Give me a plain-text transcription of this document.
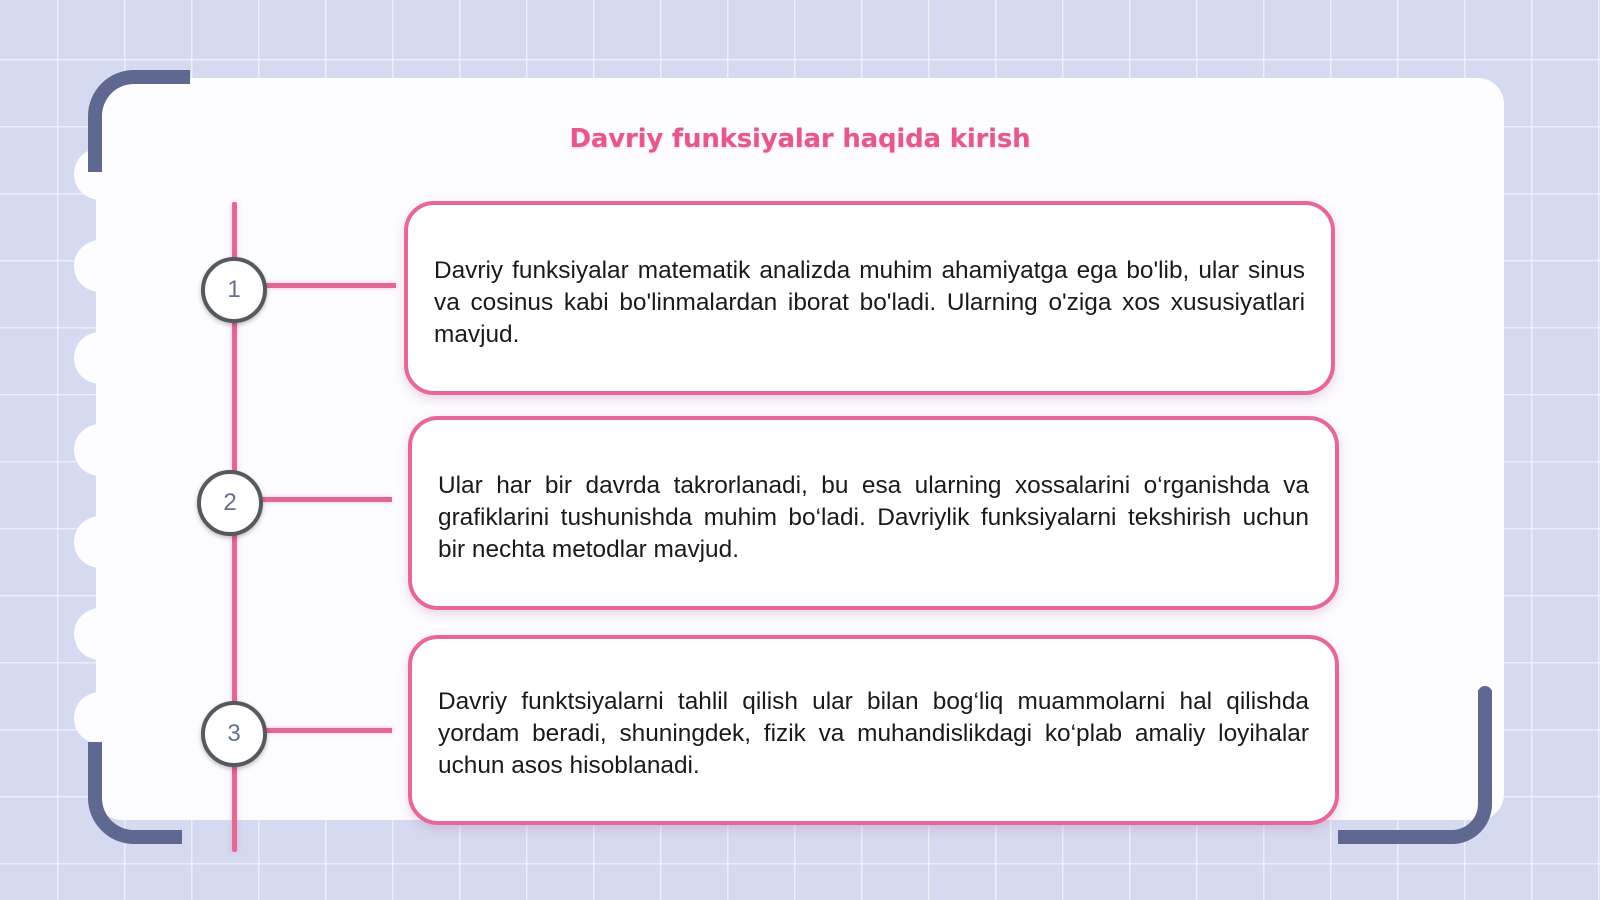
Davriy funksiyalar haqida kirish
1
2
3

Davriy funksiyalar matematik analizda muhim ahamiyatga ega bo'lib, ular sinus va cosinus kabi bo'linmalardan iborat bo'ladi. Ularning o'ziga xos xususiyatlari mavjud.

Ular har bir davrda takrorlanadi, bu esa ularning xossalarini o‘rganishda va grafiklarini tushunishda muhim bo‘ladi. Davriylik funksiyalarni tekshirish uchun bir nechta metodlar mavjud.

Davriy funktsiyalarni tahlil qilish ular bilan bog‘liq muammolarni hal qilishda yordam beradi, shuningdek, fizik va muhandislikdagi ko‘plab amaliy loyihalar uchun asos hisoblanadi.
